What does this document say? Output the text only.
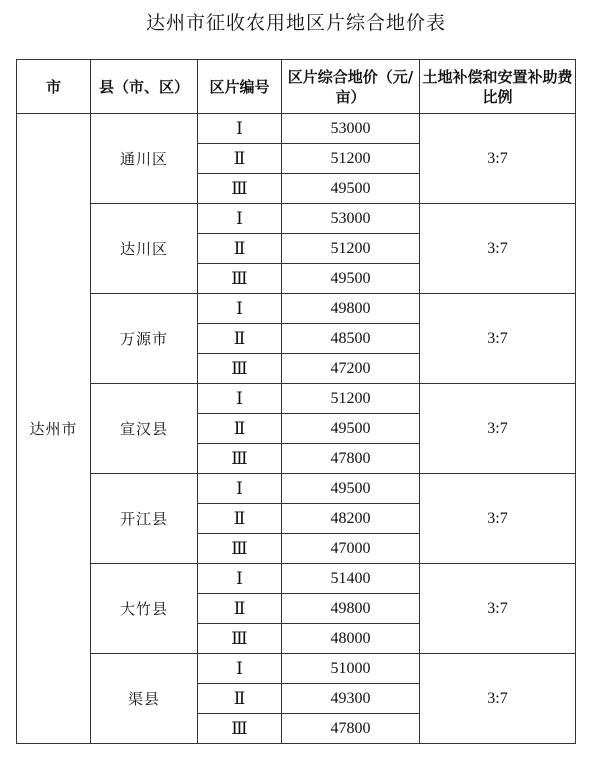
达州市征收农用地区片综合地价表
市	县（市、区）	区片编号	区片综合地价（元/亩）	土地补偿和安置补助费比例
达州市	通川区	Ⅰ	53000	3:7
		Ⅱ	51200	
		Ⅲ	49500	
	达川区	Ⅰ	53000	3:7
		Ⅱ	51200	
		Ⅲ	49500	
	万源市	Ⅰ	49800	3:7
		Ⅱ	48500	
		Ⅲ	47200	
	宣汉县	Ⅰ	51200	3:7
		Ⅱ	49500	
		Ⅲ	47800	
	开江县	Ⅰ	49500	3:7
		Ⅱ	48200	
		Ⅲ	47000	
	大竹县	Ⅰ	51400	3:7
		Ⅱ	49800	
		Ⅲ	48000	
	渠县	Ⅰ	51000	3:7
		Ⅱ	49300	
		Ⅲ	47800	
